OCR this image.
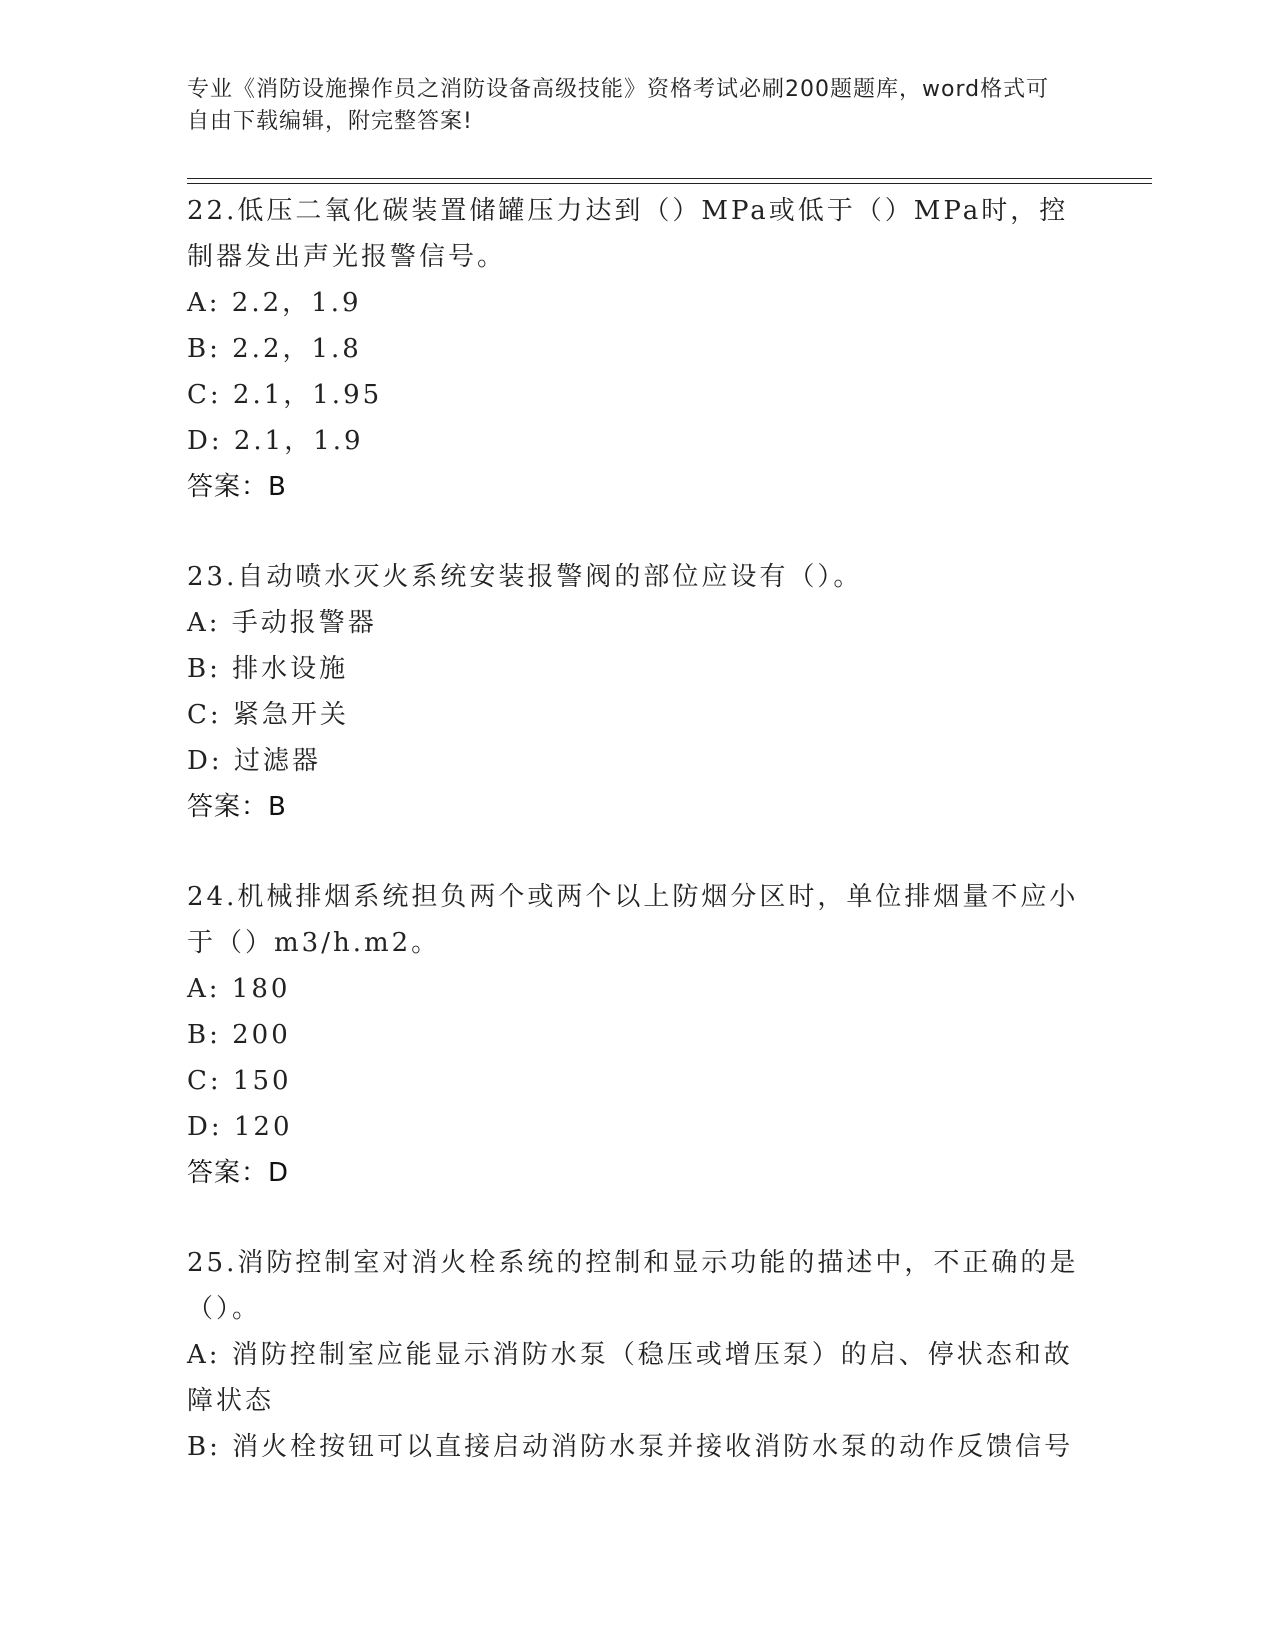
专业《消防设施操作员之消防设备高级技能》资格考试必刷200题题库，word格式可自由下载编辑，附完整答案!

22.低压二氧化碳装置储罐压力达到（）MPa或低于（）MPa时，控制器发出声光报警信号。

A: 2.2，1.9

B: 2.2，1.8

C: 2.1，1.95

D: 2.1，1.9

答案：B

23.自动喷水灭火系统安装报警阀的部位应设有（）。

A: 手动报警器

B: 排水设施

C: 紧急开关

D: 过滤器

答案：B

24.机械排烟系统担负两个或两个以上防烟分区时，单位排烟量不应小于（）m3/h.m2。

A: 180

B: 200

C: 150

D: 120

答案：D

25.消防控制室对消火栓系统的控制和显示功能的描述中，不正确的是（）。

A: 消防控制室应能显示消防水泵（稳压或增压泵）的启、停状态和故障状态

B: 消火栓按钮可以直接启动消防水泵并接收消防水泵的动作反馈信号
